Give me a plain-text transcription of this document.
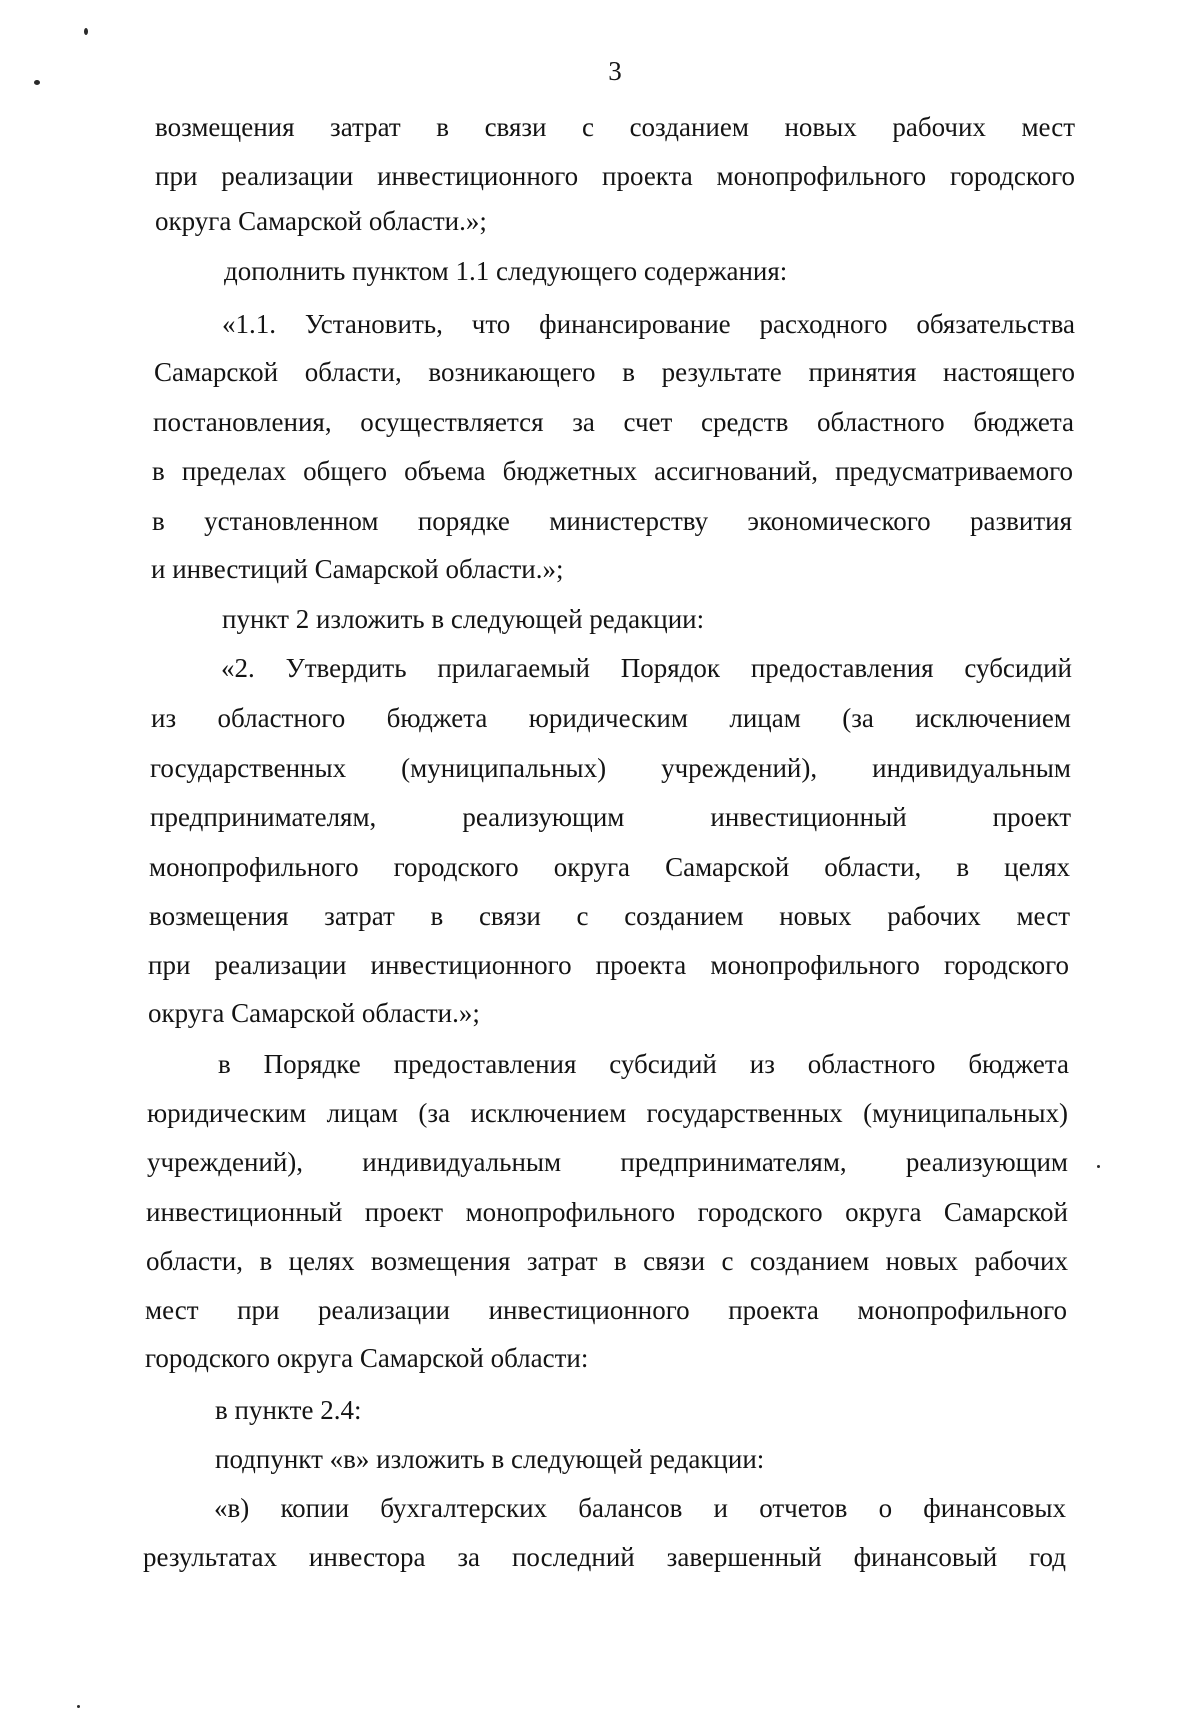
3
возмещения затрат в связи с созданием новых рабочих мест
при реализации инвестиционного проекта монопрофильного городского
округа Самарской области.»;
дополнить пунктом 1.1 следующего содержания:
«1.1. Установить, что финансирование расходного обязательства
Самарской области, возникающего в результате принятия настоящего
постановления, осуществляется за счет средств областного бюджета
в пределах общего объема бюджетных ассигнований, предусматриваемого
в установленном порядке министерству экономического развития
и инвестиций Самарской области.»;
пункт 2 изложить в следующей редакции:
«2. Утвердить прилагаемый Порядок предоставления субсидий
из областного бюджета юридическим лицам (за исключением
государственных (муниципальных) учреждений), индивидуальным
предпринимателям, реализующим инвестиционный проект
монопрофильного городского округа Самарской области, в целях
возмещения затрат в связи с созданием новых рабочих мест
при реализации инвестиционного проекта монопрофильного городского
округа Самарской области.»;
в Порядке предоставления субсидий из областного бюджета
юридическим лицам (за исключением государственных (муниципальных)
учреждений), индивидуальным предпринимателям, реализующим
инвестиционный проект монопрофильного городского округа Самарской
области, в целях возмещения затрат в связи с созданием новых рабочих
мест при реализации инвестиционного проекта монопрофильного
городского округа Самарской области:
в пункте 2.4:
подпункт «в» изложить в следующей редакции:
«в) копии бухгалтерских балансов и отчетов о финансовых
результатах инвестора за последний завершенный финансовый год
